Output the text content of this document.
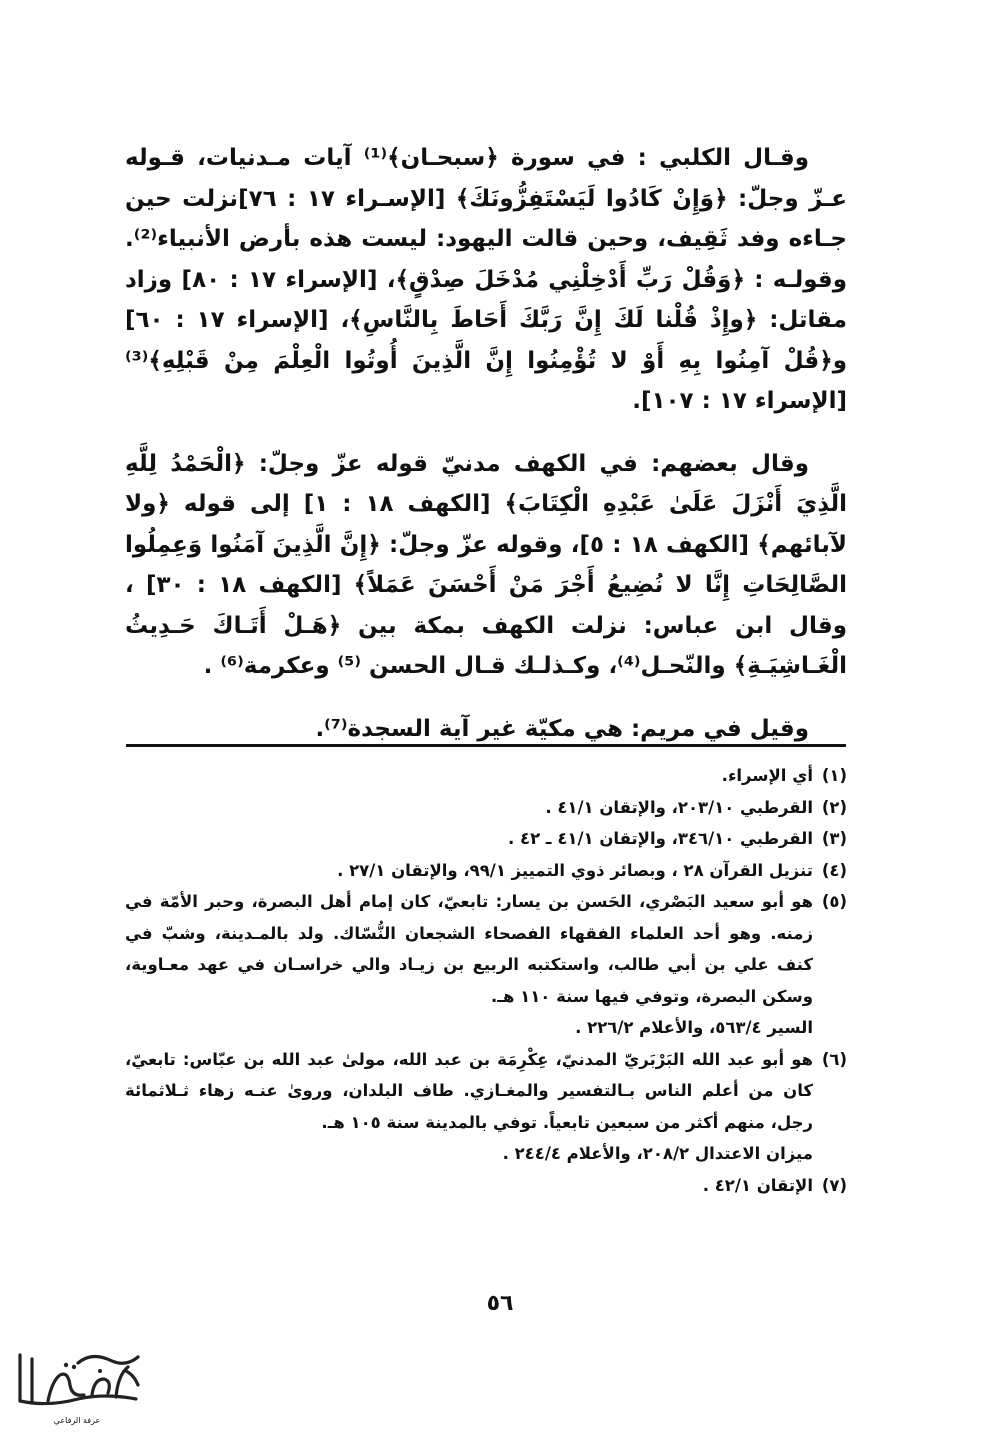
وقـال الكلبي : في سورة ﴿سبحـان﴾⁽¹⁾ آيات مـدنيات، قـوله عـزّ وجلّ: ﴿وَإِنْ كَادُوا لَيَسْتَفِزُّونَكَ﴾ [الإسـراء ١٧ : ٧٦]نزلت حين جـاءه وفد ثَقِيف، وحين قالت اليهود: ليست هذه بأرض الأنبياء⁽²⁾. وقولـه : ﴿وَقُلْ رَبِّ أَدْخِلْنِي مُدْخَلَ صِدْقٍ﴾، [الإسراء ١٧ : ٨٠] وزاد مقاتل: ﴿وإِذْ قُلْنا لَكَ إِنَّ رَبَّكَ أَحَاطَ بِالنَّاسِ﴾، [الإسراء ١٧ : ٦٠] و﴿قُلْ آمِنُوا بِهِ أَوْ لا تُؤْمِنُوا إِنَّ الَّذِينَ أُوتُوا الْعِلْمَ مِنْ قَبْلِهِ﴾⁽³⁾ [الإسراء ١٧ : ١٠٧].

وقال بعضهم: في الكهف مدنيّ قوله عزّ وجلّ: ﴿الْحَمْدُ لِلَّهِ الَّذِيَ أَنْزَلَ عَلَىٰ عَبْدِهِ الْكِتَابَ﴾ [الكهف ١٨ : ١] إلى قوله ﴿ولا لآبائهم﴾ [الكهف ١٨ : ٥]، وقوله عزّ وجلّ: ﴿إِنَّ الَّذِينَ آمَنُوا وَعِمِلُوا الصَّالِحَاتِ إِنَّا لا نُضِيعُ أَجْرَ مَنْ أَحْسَنَ عَمَلاً﴾ [الكهف ١٨ : ٣٠] ، وقال ابن عباس: نزلت الكهف بمكة بين ﴿هَـلْ أَتَـاكَ حَـدِيثُ الْغَـاشِيَـةِ﴾ والنّحـل⁽⁴⁾، وكـذلـك قـال الحسن ⁽⁵⁾ وعكرمة⁽⁶⁾ .

وقيل في مريم: هي مكيّة غير آية السجدة⁽⁷⁾.

(١)
أي الإسراء.
(٢)
القرطبي ٢٠٣/١٠، والإتقان ٤١/١ .
(٣)
القرطبي ٣٤٦/١٠، والإتقان ٤١/١ ـ ٤٢ .
(٤)
تنزيل القرآن ٢٨ ، وبصائر ذوي التمييز ٩٩/١، والإتقان ٢٧/١ .
(٥)
هو أبو سعيد البَصْري، الحَسن بن يسار: تابعيّ، كان إمام أهل البصرة، وحبر الأمّة في زمنه. وهو أحد العلماء الفقهاء الفصحاء الشجعان النُّسّاك. ولد بالمـدينة، وشبّ في كنف علي بن أبي طالب، واستكتبه الربيع بن زيـاد والي خراسـان في عهد معـاوية، وسكن البصرة، وتوفي فيها سنة ١١٠ هـ.
السير ٥٦٣/٤، والأعلام ٢٢٦/٢ .
(٦)
هو أبو عبد الله البَرْبَريّ المدنيّ، عِكْرِمَة بن عبد الله، مولىٰ عبد الله بن عبّاس: تابعيّ، كان من أعلم الناس بـالتفسير والمغـازي. طاف البلدان، وروىٰ عنـه زهاء ثـلاثمائة رجل، منهم أكثر من سبعين تابعياً. توفي بالمدينة سنة ١٠٥ هـ.
ميزان الاعتدال ٢٠٨/٢، والأعلام ٢٤٤/٤ .
(٧)
الإتقان ٤٢/١ .
٥٦
عرفة الرفاعي
